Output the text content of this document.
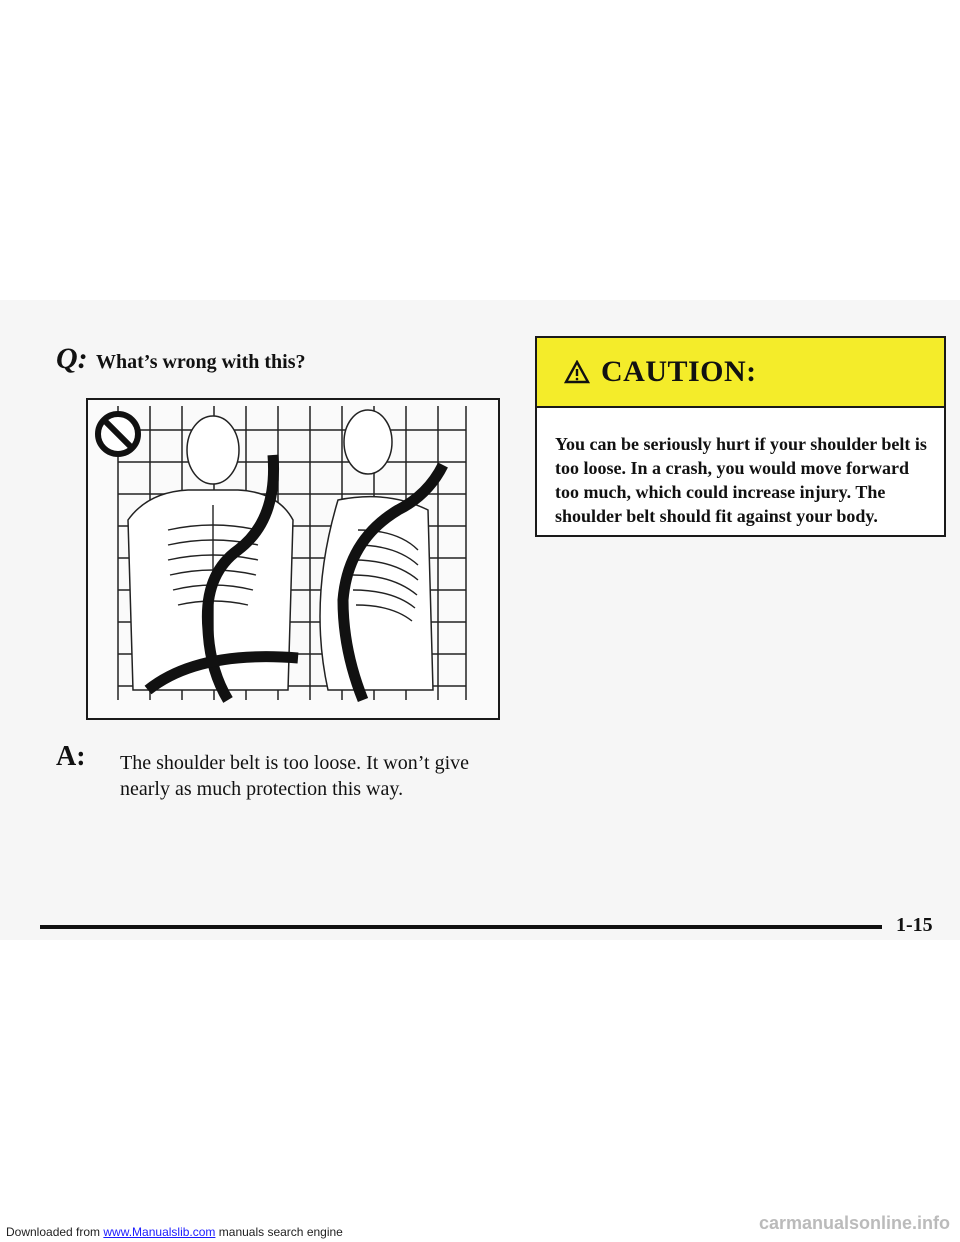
Q: What’s wrong with this?
A: The shoulder belt is too loose. It won’t give nearly as much protection this way.
CAUTION:
You can be seriously hurt if your shoulder belt is too loose. In a crash, you would move forward too much, which could increase injury. The shoulder belt should fit against your body.
1-15
Downloaded from www.Manualslib.com manuals search engine	carmanualsonline.info
